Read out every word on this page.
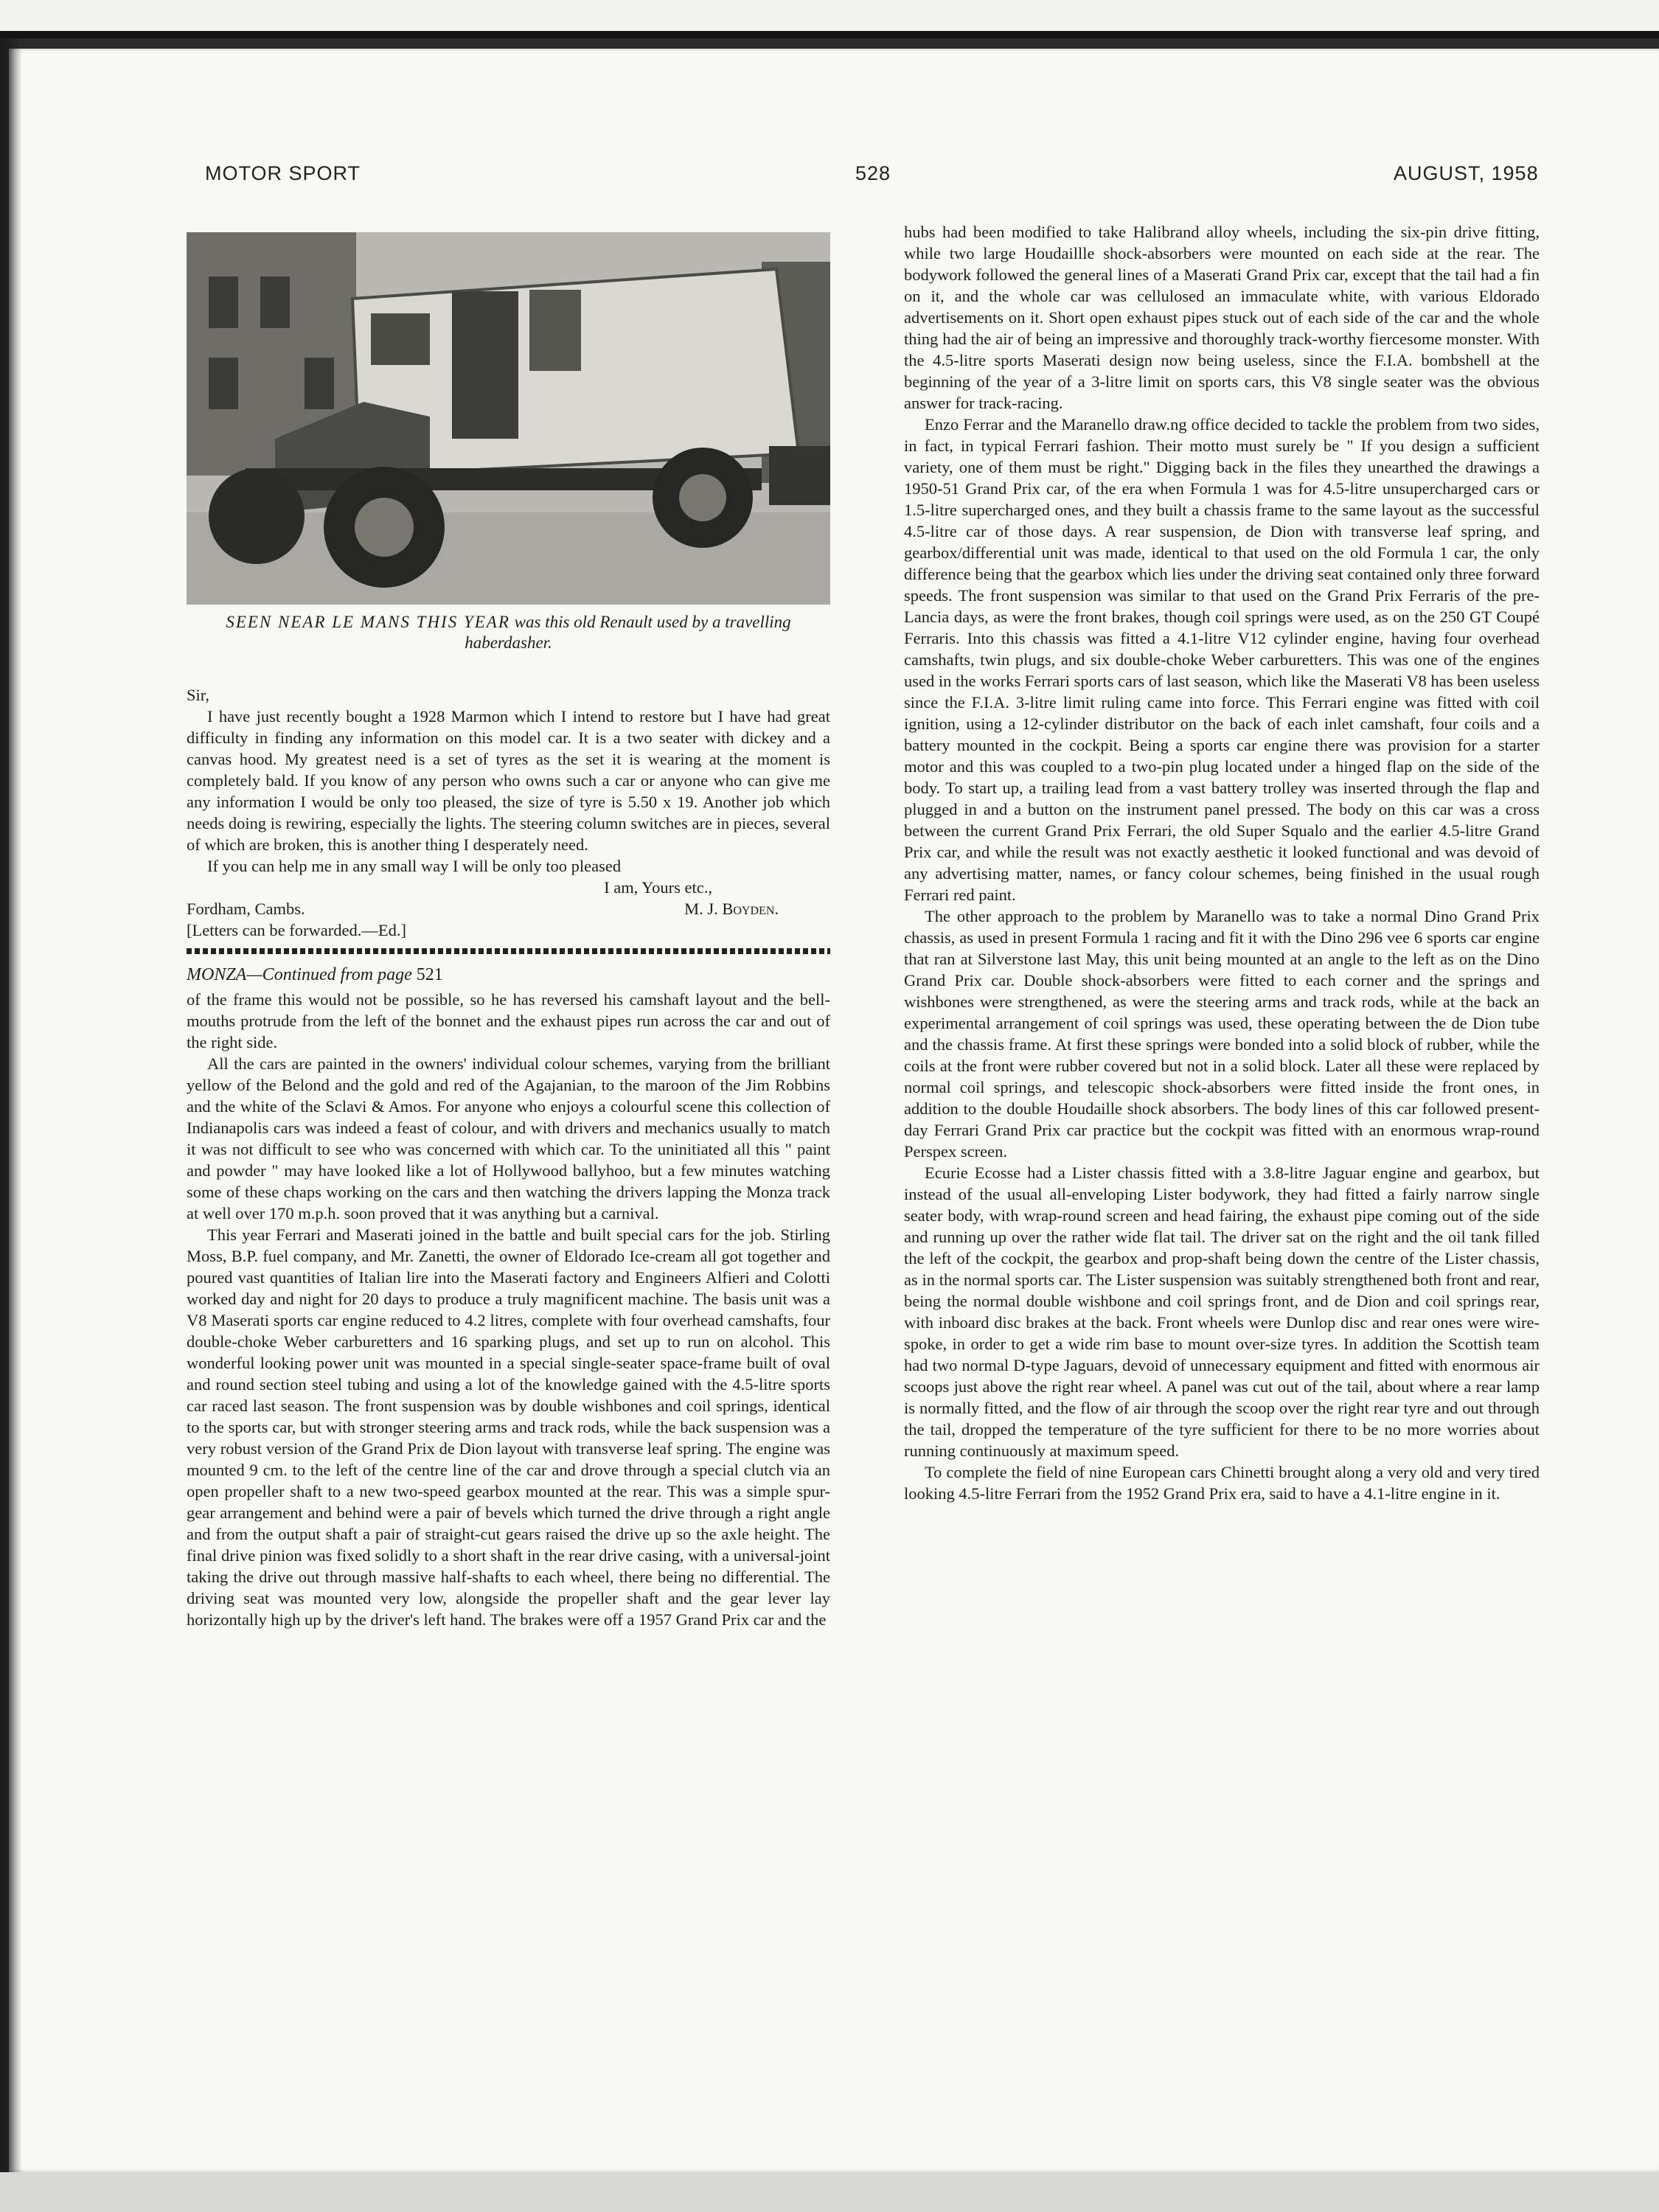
MOTOR SPORT	528	AUGUST, 1958
SEEN NEAR LE MANS THIS YEAR was this old Renault used by a travelling haberdasher.

Sir,

I have just recently bought a 1928 Marmon which I intend to restore but I have had great difficulty in finding any information on this model car. It is a two seater with dickey and a canvas hood. My greatest need is a set of tyres as the set it is wearing at the moment is completely bald. If you know of any person who owns such a car or anyone who can give me any information I would be only too pleased, the size of tyre is 5.50 x 19. Another job which needs doing is rewiring, especially the lights. The steering column switches are in pieces, several of which are broken, this is another thing I desperately need.

If you can help me in any small way I will be only too pleased

I am, Yours etc.,
Fordham, Cambs.	M. J. Boyden.
[Letters can be forwarded.—Ed.]
MONZA—Continued from page 521

of the frame this would not be possible, so he has reversed his camshaft layout and the bell-mouths protrude from the left of the bonnet and the exhaust pipes run across the car and out of the right side.

All the cars are painted in the owners' individual colour schemes, varying from the brilliant yellow of the Belond and the gold and red of the Agajanian, to the maroon of the Jim Robbins and the white of the Sclavi & Amos. For anyone who enjoys a colourful scene this collection of Indianapolis cars was indeed a feast of colour, and with drivers and mechanics usually to match it was not difficult to see who was concerned with which car. To the uninitiated all this " paint and powder " may have looked like a lot of Hollywood ballyhoo, but a few minutes watching some of these chaps working on the cars and then watching the drivers lapping the Monza track at well over 170 m.p.h. soon proved that it was anything but a carnival.

This year Ferrari and Maserati joined in the battle and built special cars for the job. Stirling Moss, B.P. fuel company, and Mr. Zanetti, the owner of Eldorado Ice-cream all got together and poured vast quantities of Italian lire into the Maserati factory and Engineers Alfieri and Colotti worked day and night for 20 days to produce a truly magnificent machine. The basis unit was a V8 Maserati sports car engine reduced to 4.2 litres, complete with four overhead camshafts, four double-choke Weber carburetters and 16 sparking plugs, and set up to run on alcohol. This wonderful looking power unit was mounted in a special single-seater space-frame built of oval and round section steel tubing and using a lot of the knowledge gained with the 4.5-litre sports car raced last season. The front suspension was by double wishbones and coil springs, identical to the sports car, but with stronger steering arms and track rods, while the back suspension was a very robust version of the Grand Prix de Dion layout with transverse leaf spring. The engine was mounted 9 cm. to the left of the centre line of the car and drove through a special clutch via an open propeller shaft to a new two-speed gearbox mounted at the rear. This was a simple spur-gear arrangement and behind were a pair of bevels which turned the drive through a right angle and from the output shaft a pair of straight-cut gears raised the drive up so the axle height. The final drive pinion was fixed solidly to a short shaft in the rear drive casing, with a universal-joint taking the drive out through massive half-shafts to each wheel, there being no differential. The driving seat was mounted very low, alongside the propeller shaft and the gear lever lay horizontally high up by the driver's left hand. The brakes were off a 1957 Grand Prix car and the

hubs had been modified to take Halibrand alloy wheels, including the six-pin drive fitting, while two large Houdaillle shock-absorbers were mounted on each side at the rear. The bodywork followed the general lines of a Maserati Grand Prix car, except that the tail had a fin on it, and the whole car was cellulosed an immaculate white, with various Eldorado advertisements on it. Short open exhaust pipes stuck out of each side of the car and the whole thing had the air of being an impressive and thoroughly track-worthy fiercesome monster. With the 4.5-litre sports Maserati design now being useless, since the F.I.A. bombshell at the beginning of the year of a 3-litre limit on sports cars, this V8 single seater was the obvious answer for track-racing.

Enzo Ferrar and the Maranello draw.ng office decided to tackle the problem from two sides, in fact, in typical Ferrari fashion. Their motto must surely be " If you design a sufficient variety, one of them must be right." Digging back in the files they unearthed the drawings a 1950-51 Grand Prix car, of the era when Formula 1 was for 4.5-litre unsupercharged cars or 1.5-litre supercharged ones, and they built a chassis frame to the same layout as the successful 4.5-litre car of those days. A rear suspension, de Dion with transverse leaf spring, and gearbox/differential unit was made, identical to that used on the old Formula 1 car, the only difference being that the gearbox which lies under the driving seat contained only three forward speeds. The front suspension was similar to that used on the Grand Prix Ferraris of the pre-Lancia days, as were the front brakes, though coil springs were used, as on the 250 GT Coupé Ferraris. Into this chassis was fitted a 4.1-litre V12 cylinder engine, having four overhead camshafts, twin plugs, and six double-choke Weber carburetters. This was one of the engines used in the works Ferrari sports cars of last season, which like the Maserati V8 has been useless since the F.I.A. 3-litre limit ruling came into force. This Ferrari engine was fitted with coil ignition, using a 12-cylinder distributor on the back of each inlet camshaft, four coils and a battery mounted in the cockpit. Being a sports car engine there was provision for a starter motor and this was coupled to a two-pin plug located under a hinged flap on the side of the body. To start up, a trailing lead from a vast battery trolley was inserted through the flap and plugged in and a button on the instrument panel pressed. The body on this car was a cross between the current Grand Prix Ferrari, the old Super Squalo and the earlier 4.5-litre Grand Prix car, and while the result was not exactly aesthetic it looked functional and was devoid of any advertising matter, names, or fancy colour schemes, being finished in the usual rough Ferrari red paint.

The other approach to the problem by Maranello was to take a normal Dino Grand Prix chassis, as used in present Formula 1 racing and fit it with the Dino 296 vee 6 sports car engine that ran at Silverstone last May, this unit being mounted at an angle to the left as on the Dino Grand Prix car. Double shock-absorbers were fitted to each corner and the springs and wishbones were strengthened, as were the steering arms and track rods, while at the back an experimental arrangement of coil springs was used, these operating between the de Dion tube and the chassis frame. At first these springs were bonded into a solid block of rubber, while the coils at the front were rubber covered but not in a solid block. Later all these were replaced by normal coil springs, and telescopic shock-absorbers were fitted inside the front ones, in addition to the double Houdaille shock absorbers. The body lines of this car followed present-day Ferrari Grand Prix car practice but the cockpit was fitted with an enormous wrap-round Perspex screen.

Ecurie Ecosse had a Lister chassis fitted with a 3.8-litre Jaguar engine and gearbox, but instead of the usual all-enveloping Lister bodywork, they had fitted a fairly narrow single seater body, with wrap-round screen and head fairing, the exhaust pipe coming out of the side and running up over the rather wide flat tail. The driver sat on the right and the oil tank filled the left of the cockpit, the gearbox and prop-shaft being down the centre of the Lister chassis, as in the normal sports car. The Lister suspension was suitably strengthened both front and rear, being the normal double wishbone and coil springs front, and de Dion and coil springs rear, with inboard disc brakes at the back. Front wheels were Dunlop disc and rear ones were wire-spoke, in order to get a wide rim base to mount over-size tyres. In addition the Scottish team had two normal D-type Jaguars, devoid of unnecessary equipment and fitted with enormous air scoops just above the right rear wheel. A panel was cut out of the tail, about where a rear lamp is normally fitted, and the flow of air through the scoop over the right rear tyre and out through the tail, dropped the temperature of the tyre sufficient for there to be no more worries about running continuously at maximum speed.

To complete the field of nine European cars Chinetti brought along a very old and very tired looking 4.5-litre Ferrari from the 1952 Grand Prix era, said to have a 4.1-litre engine in it.
